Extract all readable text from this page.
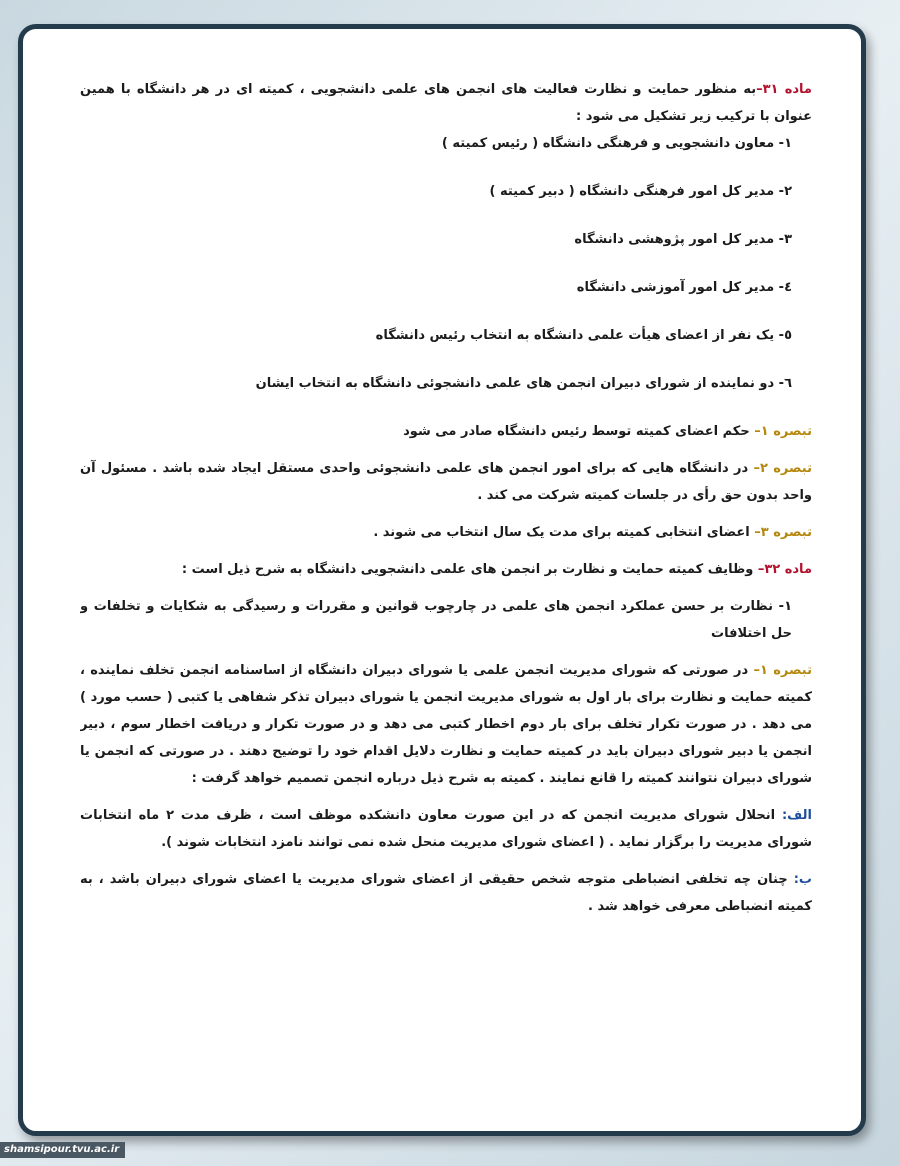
ماده ۳۱–به منظور حمایت و نظارت فعالیت های انجمن های علمی دانشجویی ، کمیته ای در هر دانشگاه با همین عنوان با ترکیب زیر تشکیل می شود :

۱- معاون دانشجویی و فرهنگی دانشگاه ( رئیس کمیته )

۲- مدیر کل امور فرهنگی دانشگاه ( دبیر کمیته )

۳- مدیر کل امور پژوهشی دانشگاه

٤- مدیر کل امور آموزشی دانشگاه

٥- یک نفر از اعضای هیأت علمی دانشگاه به انتخاب رئیس دانشگاه

٦- دو نماینده از شورای دبیران انجمن های علمی دانشجوئی دانشگاه به انتخاب ایشان

تبصره ۱– حکم اعضای کمیته توسط رئیس دانشگاه صادر می شود

تبصره ۲– در دانشگاه هایی که برای امور انجمن های علمی دانشجوئی واحدی مستقل ایجاد شده باشد . مسئول آن واحد بدون حق رأی در جلسات کمیته شرکت می کند .

تبصره ۳– اعضای انتخابی کمیته برای مدت یک سال انتخاب می شوند .

ماده ۳۲– وظایف کمیته حمایت و نظارت بر انجمن های علمی دانشجویی دانشگاه به شرح ذیل است :

۱- نظارت بر حسن عملکرد انجمن های علمی در چارچوب قوانین و مقررات و رسیدگی به شکایات و تخلفات و حل اختلافات

تبصره ۱– در صورتی که شورای مدیریت انجمن علمی یا شورای دبیران دانشگاه از اساسنامه انجمن تخلف نماینده ، کمیته حمایت و نظارت برای بار اول به شورای مدیریت انجمن یا شورای دبیران تذکر شفاهی یا کتبی ( حسب مورد ) می دهد . در صورت تکرار تخلف برای بار دوم اخطار کتبی می دهد و در صورت تکرار و دریافت اخطار سوم ، دبیر انجمن یا دبیر شورای دبیران باید در کمیته حمایت و نظارت دلایل اقدام خود را توضیح دهند . در صورتی که انجمن یا شورای دبیران نتوانند کمیته را قانع نمایند . کمیته به شرح ذیل درباره انجمن تصمیم خواهد گرفت :

الف: انحلال شورای مدیریت انجمن که در این صورت معاون دانشکده موظف است ، ظرف مدت ۲ ماه انتخابات شورای مدیریت را برگزار نماید . ( اعضای شورای مدیریت منحل شده نمی توانند نامزد انتخابات شوند ).

ب: چنان چه تخلفی انضباطی متوجه شخص حقیقی از اعضای شورای مدیریت یا اعضای شورای دبیران باشد ، به کمیته انضباطی معرفی خواهد شد .

shamsipour.tvu.ac.ir
